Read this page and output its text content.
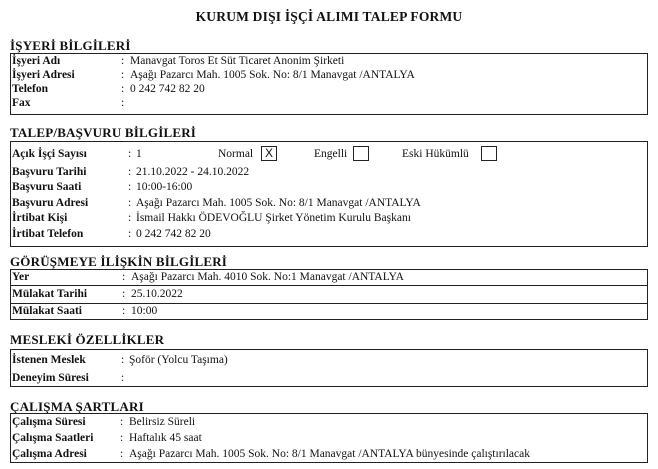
KURUM DIŞI İŞÇİ ALIMI TALEP FORMU
İŞYERİ BİLGİLERİ
İşyeri Adı	: Manavgat Toros Et Süt Ticaret Anonim Şirketi
İşyeri Adresi	: Aşağı Pazarcı Mah. 1005 Sok. No: 8/1 Manavgat /ANTALYA
Telefon	: 0 242 742 82 20
Fax	:
TALEP/BAŞVURU BİLGİLERİ
Açık İşçi Sayısı	: 1	Normal X	Engelli	Eski Hükümlü
Başvuru Tarihi	: 21.10.2022 - 24.10.2022
Başvuru Saati	: 10:00-16:00
Başvuru Adresi	: Aşağı Pazarcı Mah. 1005 Sok. No: 8/1 Manavgat /ANTALYA
İrtibat Kişi	: İsmail Hakkı ÖDEVOĞLU Şirket Yönetim Kurulu Başkanı
İrtibat Telefon	: 0 242 742 82 20
GÖRÜŞMEYE İLİŞKİN BİLGİLERİ
Yer	: Aşağı Pazarcı Mah. 4010 Sok. No:1 Manavgat /ANTALYA
Mülakat Tarihi	: 25.10.2022
Mülakat Saati	: 10:00
MESLEKİ ÖZELLİKLER
İstenen Meslek	: Şoför (Yolcu Taşıma)
Deneyim Süresi	:
ÇALIŞMA ŞARTLARI
Çalışma Süresi	: Belirsiz Süreli
Çalışma Saatleri : Haftalık 45 saat
Çalışma Adresi	: Aşağı Pazarcı Mah. 1005 Sok. No: 8/1 Manavgat /ANTALYA bünyesinde çalıştırılacak
